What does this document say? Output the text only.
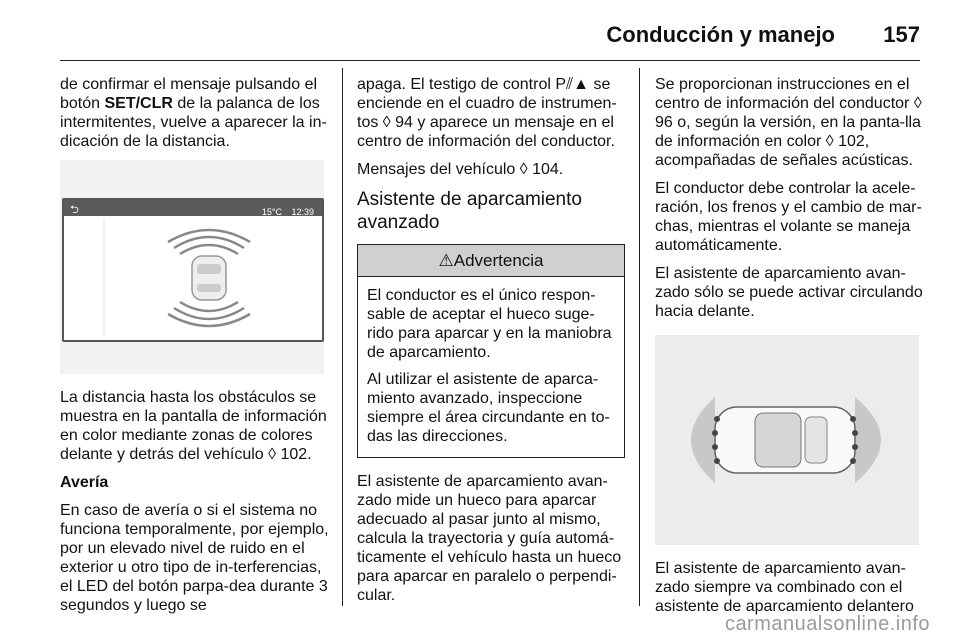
Conducción y manejo 157

de confirmar el mensaje pulsando el botón SET/CLR de la palanca de los intermitentes, vuelve a aparecer la in-dicación de la distancia.

⮌	15°C 12:39

La distancia hasta los obstáculos se muestra en la pantalla de información en color mediante zonas de colores delante y detrás del vehículo ◊ 102.

Avería

En caso de avería o si el sistema no funciona temporalmente, por ejemplo, por un elevado nivel de ruido en el exterior u otro tipo de in-terferencias, el LED del botón parpa-dea durante 3 segundos y luego se

apaga. El testigo de control P⫽▲ se enciende en el cuadro de instrumen-tos ◊ 94 y aparece un mensaje en el centro de información del conductor.

Mensajes del vehículo ◊ 104.

Asistente de aparcamiento avanzado
⚠Advertencia

El conductor es el único respon-sable de aceptar el hueco suge-rido para aparcar y en la maniobra de aparcamiento.

Al utilizar el asistente de aparca-miento avanzado, inspeccione siempre el área circundante en to-das las direcciones.

El asistente de aparcamiento avan-zado mide un hueco para aparcar adecuado al pasar junto al mismo, calcula la trayectoria y guía automá-ticamente el vehículo hasta un hueco para aparcar en paralelo o perpendi-cular.

Se proporcionan instrucciones en el centro de información del conductor ◊ 96 o, según la versión, en la panta-lla de información en color ◊ 102, acompañadas de señales acústicas.

El conductor debe controlar la acele-ración, los frenos y el cambio de mar-chas, mientras el volante se maneja automáticamente.

El asistente de aparcamiento avan-zado sólo se puede activar circulando hacia delante.

El asistente de aparcamiento avan-zado siempre va combinado con el asistente de aparcamiento delantero

carmanualsonline.info
